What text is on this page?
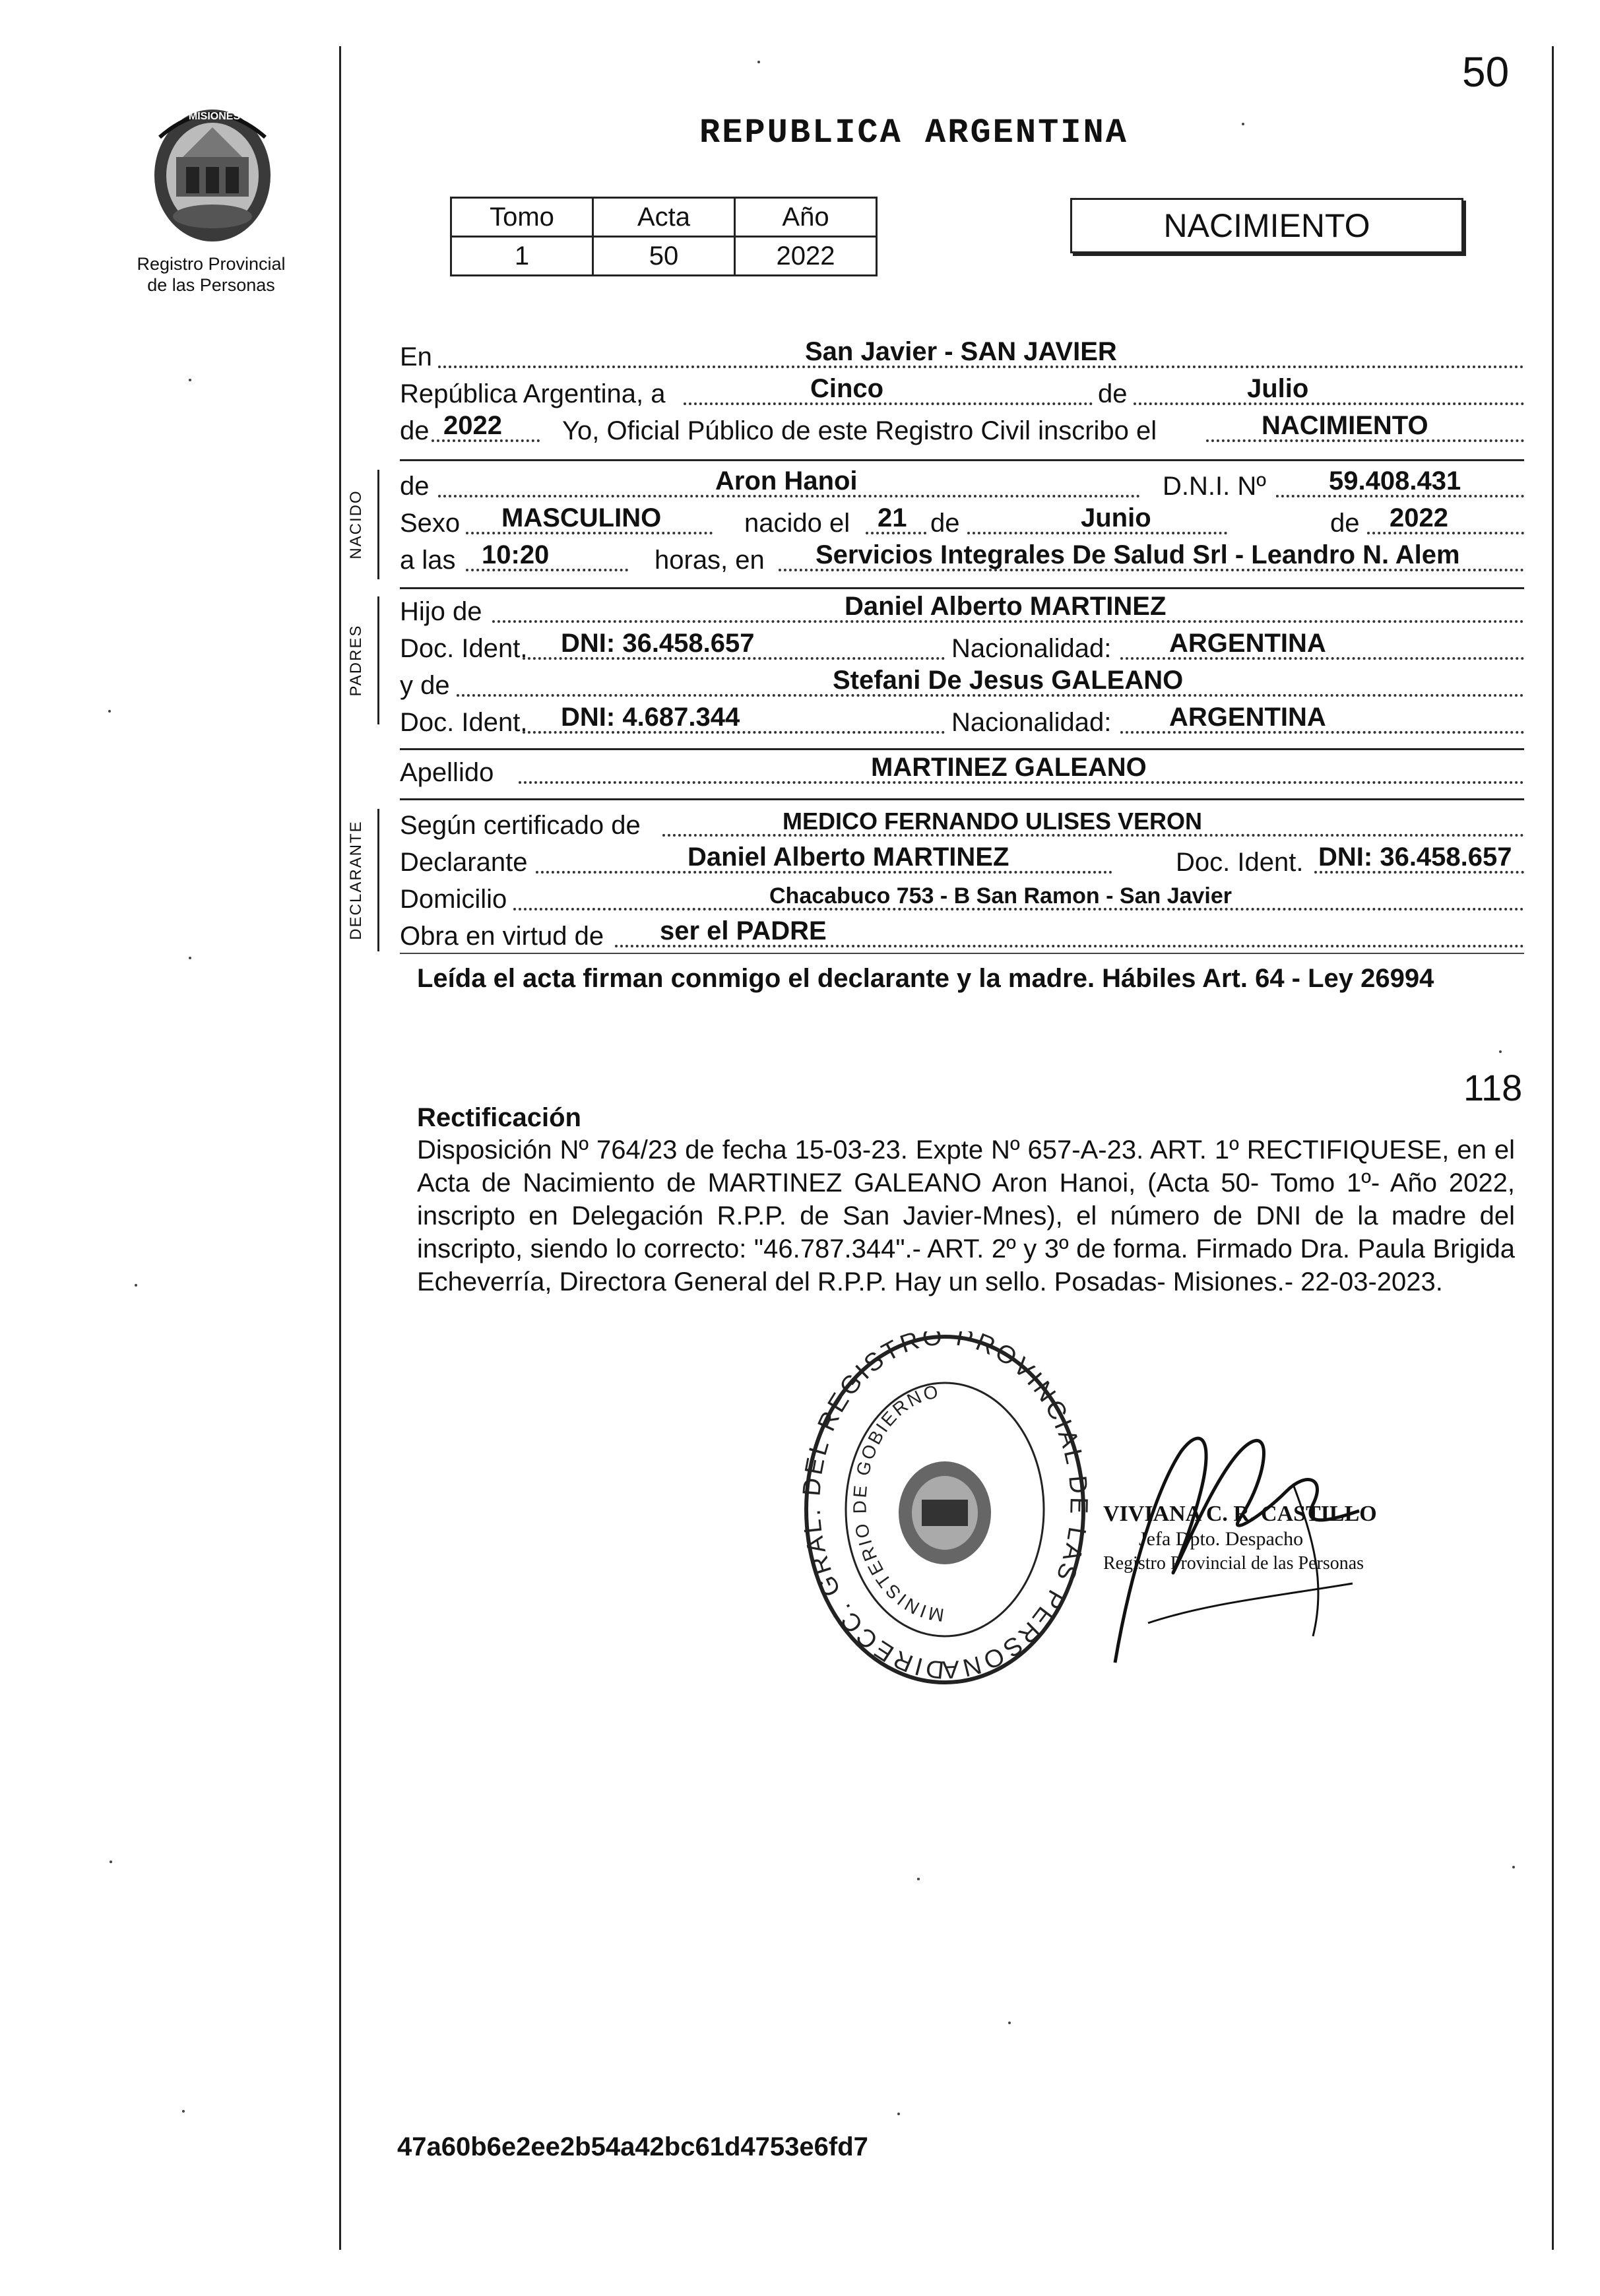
PROVINCIA DE MISIONES
Registro Provincial
de las Personas
50
118
REPUBLICA ARGENTINA
Tomo	Acta	Año
1	50	2022
NACIMIENTO
En	San Javier - SAN JAVIER
República Argentina, a	Cinco	de	Julio
de 2022 Yo, Oficial Público de este Registro Civil inscribo el	NACIMIENTO
NACIDO
de	Aron Hanoi	D.N.I. Nº 59.408.431
Sexo MASCULINO	nacido el 21 de	Junio	de 2022
a las 10:20	horas, en Servicios Integrales De Salud Srl - Leandro N. Alem
PADRES
Hijo de	Daniel Alberto MARTINEZ
Doc. Ident. DNI: 36.458.657	Nacionalidad: ARGENTINA
y de	Stefani De Jesus GALEANO
Doc. Ident. DNI: 4.687.344	Nacionalidad: ARGENTINA
Apellido	MARTINEZ GALEANO
DECLARANTE Según certificado de	MEDICO FERNANDO ULISES VERON
Declarante	Daniel Alberto MARTINEZ	Doc. Ident. DNI: 36.458.657
Domicilio	Chacabuco 753 - B San Ramon - San Javier
Obra en virtud de ser el PADRE
Leída el acta firman conmigo el declarante y la madre. Hábiles Art. 64 - Ley 26994
Rectificación
Disposición Nº 764/23 de fecha 15-03-23. Expte Nº 657-A-23. ART. 1º RECTIFIQUESE, en el Acta de Nacimiento de MARTINEZ GALEANO Aron Hanoi, (Acta 50- Tomo 1º- Año 2022, inscripto en Delegación R.P.P. de San Javier-Mnes), el número de DNI de la madre del inscripto, siendo lo correcto: "46.787.344".- ART. 2º y 3º de forma. Firmado Dra. Paula Brigida Echeverría, Directora General del R.P.P. Hay un sello. Posadas- Misiones.- 22-03-2023.
DIRECC. GRAL. DEL REGISTRO PROVINCIAL DE LAS PERSONA
MINISTERIO DE GOBIERNO
VIVIANA C. R. CASTILLO
Jefa Dpto. Despacho
Registro Provincial de las Personas
47a60b6e2ee2b54a42bc61d4753e6fd7
